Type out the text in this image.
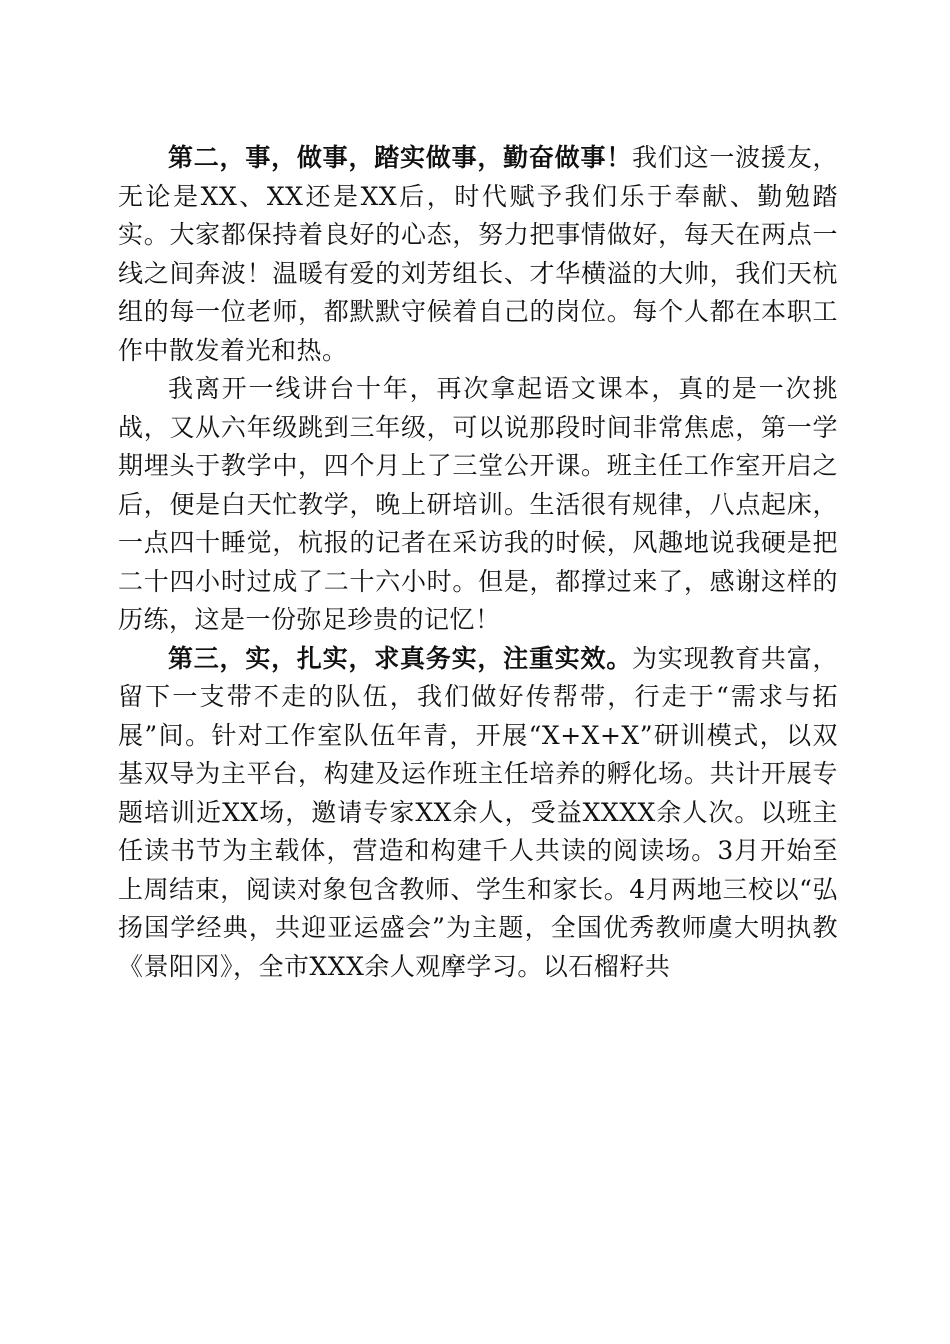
第二，事，做事，踏实做事，勤奋做事！我们这一波援友，无论是XX、XX还是XX后，时代赋予我们乐于奉献、勤勉踏实。大家都保持着良好的心态，努力把事情做好，每天在两点一线之间奔波！温暖有爱的刘芳组长、才华横溢的大帅，我们天杭组的每一位老师，都默默守候着自己的岗位。每个人都在本职工作中散发着光和热。

我离开一线讲台十年，再次拿起语文课本，真的是一次挑战，又从六年级跳到三年级，可以说那段时间非常焦虑，第一学期埋头于教学中，四个月上了三堂公开课。班主任工作室开启之后，便是白天忙教学，晚上研培训。生活很有规律，八点起床，一点四十睡觉，杭报的记者在采访我的时候，风趣地说我硬是把二十四小时过成了二十六小时。但是，都撑过来了，感谢这样的历练，这是一份弥足珍贵的记忆！

第三，实，扎实，求真务实，注重实效。为实现教育共富，留下一支带不走的队伍，我们做好传帮带，行走于“需求与拓展”间。针对工作室队伍年青，开展“X+X+X”研训模式，以双基双导为主平台，构建及运作班主任培养的孵化场。共计开展专题培训近XX场，邀请专家XX余人，受益XXXX余人次。以班主任读书节为主载体，营造和构建千人共读的阅读场。3月开始至上周结束，阅读对象包含教师、学生和家长。4月两地三校以“弘扬国学经典，共迎亚运盛会”为主题，全国优秀教师虞大明执教《景阳冈》，全市XXX余人观摩学习。以石榴籽共
